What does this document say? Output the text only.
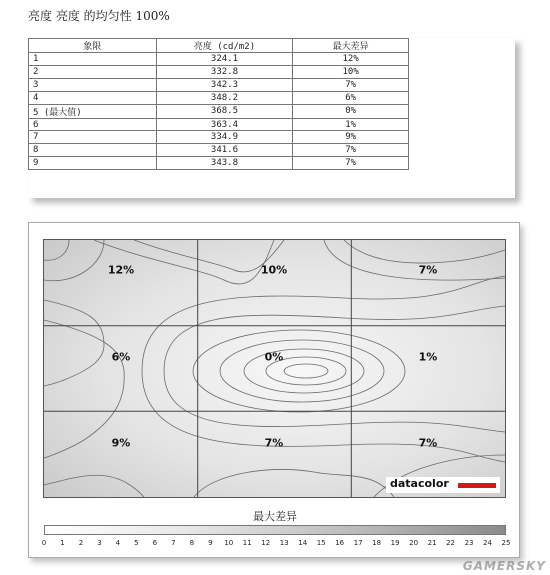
亮度 亮度 的均匀性 100%
象限	亮度 (cd/m2)	最大差异
1	324.1	12%
2	332.8	10%
3	342.3	7%
4	348.2	6%
5 (最大值)	368.5	0%
6	363.4	1%
7	334.9	9%
8	341.6	7%
9	343.8	7%
12%	10%	7%
6%	0%	1%
9%	7%	7%
datacolor
最大差异
0 1 2 3 4 5 6 7 8 9 10 11 12 13 14 15 16 17 18 19 20 21 22 23 24 25
GAMERSKY
